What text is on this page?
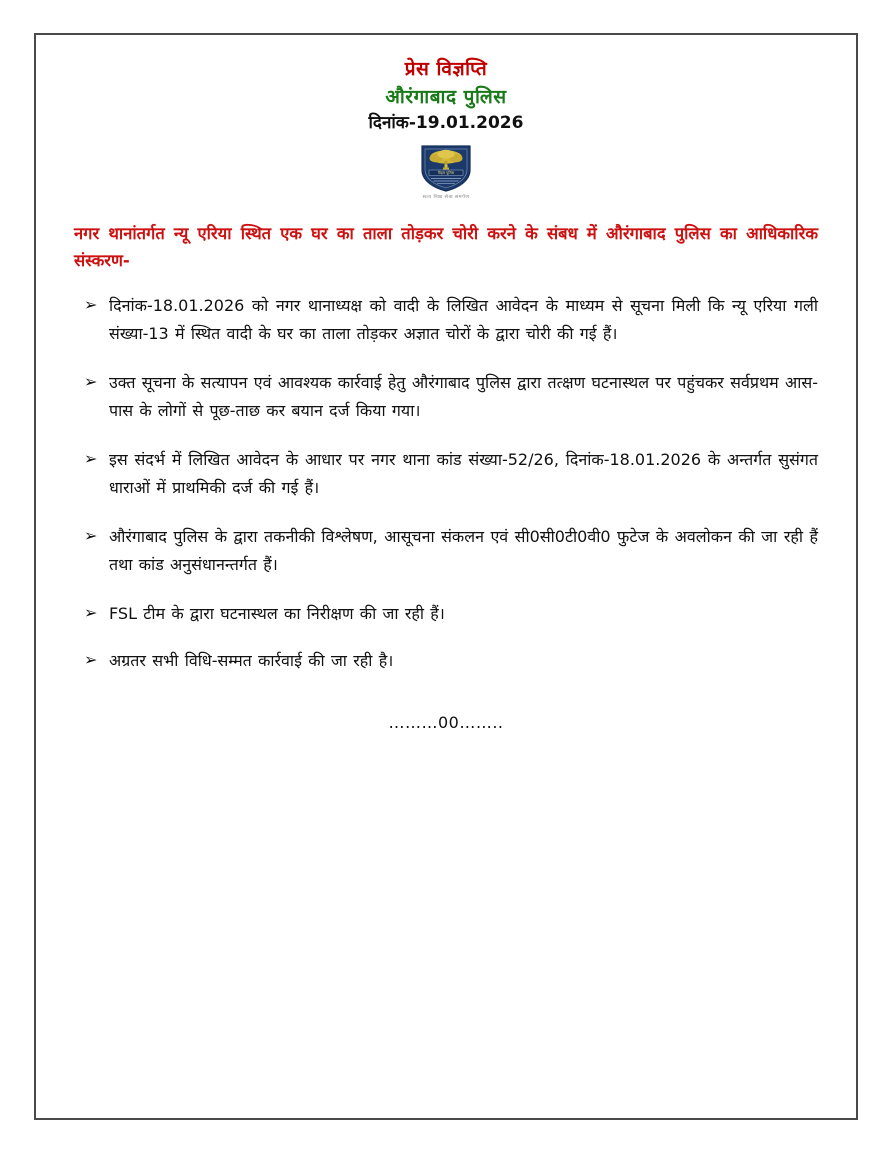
प्रेस विज्ञप्ति
औरंगाबाद पुलिस
दिनांक-19.01.2026
बिहार पुलिस
सत्य निष्ठा सेवा समर्पण
नगर थानांतर्गत न्यू एरिया स्थित एक घर का ताला तोड़कर चोरी करने के संबध में औरंगाबाद पुलिस का आधिकारिक संस्करण-
➢ दिनांक-18.01.2026 को नगर थानाध्यक्ष को वादी के लिखित आवेदन के माध्यम से सूचना मिली कि न्यू एरिया गली संख्या-13 में स्थित वादी के घर का ताला तोड़कर अज्ञात चोरों के द्वारा चोरी की गई हैं।
➢ उक्त सूचना के सत्यापन एवं आवश्यक कार्रवाई हेतु औरंगाबाद पुलिस द्वारा तत्क्षण घटनास्थल पर पहुंचकर सर्वप्रथम आस-पास के लोगों से पूछ-ताछ कर बयान दर्ज किया गया।
➢ इस संदर्भ में लिखित आवेदन के आधार पर नगर थाना कांड संख्या-52/26, दिनांक-18.01.2026 के अन्तर्गत सुसंगत धाराओं में प्राथमिकी दर्ज की गई हैं।
➢ औरंगाबाद पुलिस के द्वारा तकनीकी विश्लेषण, आसूचना संकलन एवं सी0सी0टी0वी0 फुटेज के अवलोकन की जा रही हैं तथा कांड अनुसंधानन्तर्गत हैं।
➢ FSL टीम के द्वारा घटनास्थल का निरीक्षण की जा रही हैं।
➢ अग्रतर सभी विधि-सम्मत कार्रवाई की जा रही है।
………00……..
